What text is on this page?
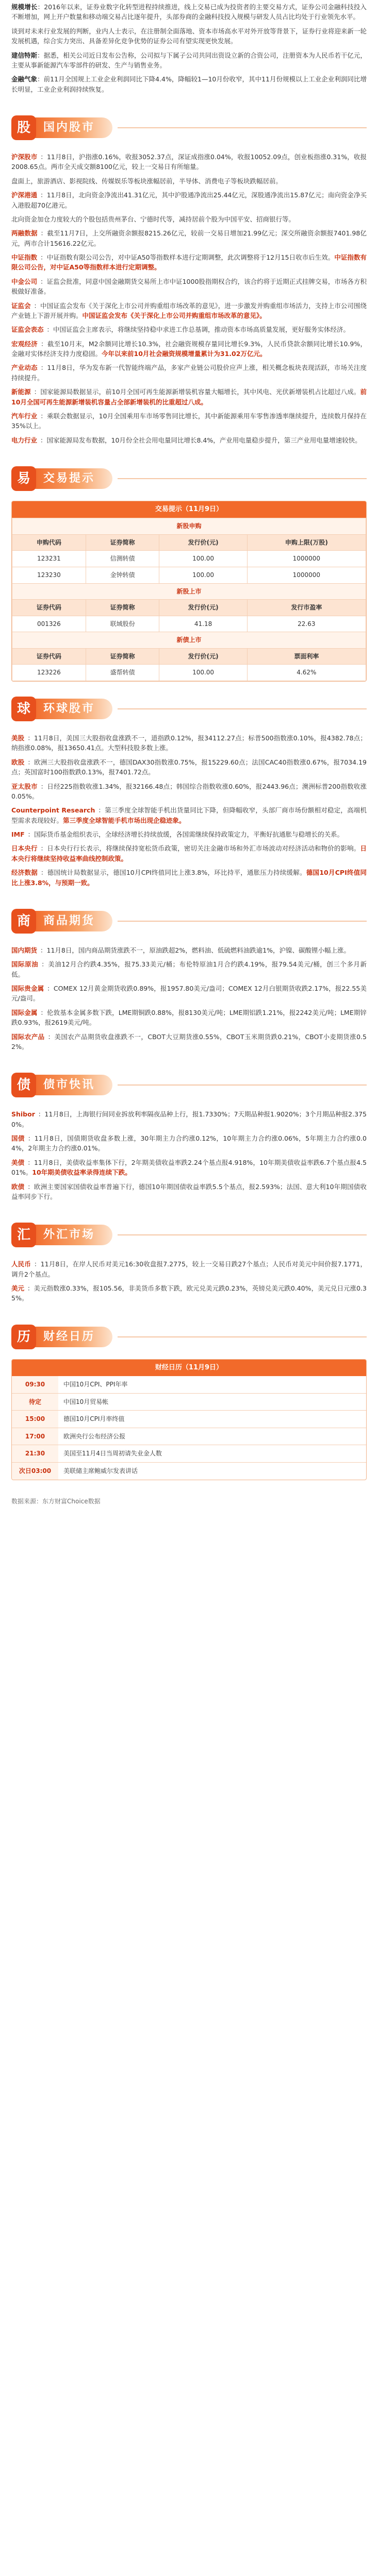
规模增长：2016年以来，证券业数字化转型进程持续推进，线上交易已成为投资者的主要交易方式，证券公司金融科技投入不断增加，网上开户数量和移动端交易占比逐年提升，头部券商的金融科技投入规模与研发人员占比均处于行业领先水平。

谈到对未来行业发展的判断，业内人士表示，在注册制全面落地、资本市场高水平对外开放等背景下，证券行业将迎来新一轮发展机遇，综合实力突出、具备差异化竞争优势的证券公司有望实现更快发展。

建信特斯：据悉，相关公司近日发布公告称，公司拟与下属子公司共同出资设立新的合资公司，注册资本为人民币若干亿元，主要从事新能源汽车零部件的研发、生产与销售业务。

金融气象：前11月全国规上工业企业利润同比下降4.4%，降幅较1—10月份收窄，其中11月份规模以上工业企业利润同比增长明显，工业企业利润持续恢复。

股	国内股市

沪深股市 ：11月8日，沪指涨0.16%，收报3052.37点，深证成指涨0.04%，收报10052.09点，创业板指涨0.31%，收报2008.65点。两市全天成交额8100亿元，较上一交易日有所缩量。

盘面上，旅游酒店、影视院线、传媒娱乐等板块涨幅居前，半导体、消费电子等板块跌幅居前。

沪深港通 ：11月8日，北向资金净流出41.31亿元，其中沪股通净流出25.44亿元，深股通净流出15.87亿元；南向资金净买入港股超70亿港元。

北向资金加仓力度较大的个股包括贵州茅台、宁德时代等，减持居前个股为中国平安、招商银行等。

两融数据 ：截至11月7日，上交所融资余额报8215.26亿元，较前一交易日增加21.99亿元；深交所融资余额报7401.98亿元，两市合计15616.22亿元。

中证指数 ：中证指数有限公司公告，对中证A50等指数样本进行定期调整，此次调整将于12月15日收市后生效。中证指数有限公司公告，对中证A50等指数样本进行定期调整。

中金公司 ：证监会批准，同意中国金融期货交易所上市中证1000股指期权合约，该合约将于近期正式挂牌交易，市场各方积极做好准备。

证监会 ：中国证监会发布《关于深化上市公司并购重组市场改革的意见》，进一步激发并购重组市场活力，支持上市公司围绕产业链上下游开展并购。中国证监会发布《关于深化上市公司并购重组市场改革的意见》。

证监会表态 ：中国证监会主席表示，将继续坚持稳中求进工作总基调，推动资本市场高质量发展，更好服务实体经济。

宏观经济 ：截至10月末，M2余额同比增长10.3%，社会融资规模存量同比增长9.3%，人民币贷款余额同比增长10.9%，金融对实体经济支持力度稳固。今年以来前10月社会融资规模增量累计为31.02万亿元。

产业动态 ：11月8日，华为发布新一代智能终端产品，多家产业链公司股价应声上涨，相关概念板块表现活跃，市场关注度持续提升。

新能源 ：国家能源局数据显示，前10月全国可再生能源新增装机容量大幅增长，其中风电、光伏新增装机占比超过八成。前10月全国可再生能源新增装机容量占全部新增装机的比重超过八成。

汽车行业 ：乘联会数据显示，10月全国乘用车市场零售同比增长，其中新能源乘用车零售渗透率继续提升，连续数月保持在35%以上。

电力行业 ：国家能源局发布数据，10月份全社会用电量同比增长8.4%，产业用电量稳步提升，第三产业用电量增速较快。

易	交易提示
交易提示（11月9日）
新股申购			
申购代码	证券简称	发行价(元)	申购上限(万股)
123231	信测转债	100.00	1000000
123230	金钟转债	100.00	1000000
新股上市			
证券代码	证券简称	发行价(元)	发行市盈率
001326	联域股份	41.18	22.63
新债上市			
证券代码	证券简称	发行价(元)	票面利率
123226	盛帮转债	100.00	4.62%
球	环球股市

美股 ：11月8日，美国三大股指收盘涨跌不一，道指跌0.12%，报34112.27点；标普500指数涨0.10%，报4382.78点；纳指涨0.08%，报13650.41点。大型科技股多数上涨。

欧股 ：欧洲三大股指收盘涨跌不一，德国DAX30指数涨0.75%，报15229.60点；法国CAC40指数涨0.67%，报7034.19点；英国富时100指数跌0.13%，报7401.72点。

亚太股市 ：日经225指数收涨1.34%，报32166.48点；韩国综合指数收涨0.60%，报2443.96点；澳洲标普200指数收涨0.05%。

Counterpoint Research ：第三季度全球智能手机出货量同比下降，但降幅收窄，头部厂商市场份额相对稳定，高端机型需求表现较好。第三季度全球智能手机市场出现企稳迹象。

IMF ：国际货币基金组织表示，全球经济增长持续放缓，各国需继续保持政策定力，平衡好抗通胀与稳增长的关系。

日本央行 ：日本央行行长表示，将继续保持宽松货币政策，密切关注金融市场和外汇市场波动对经济活动和物价的影响。日本央行将继续坚持收益率曲线控制政策。

经济数据 ：德国统计局数据显示，德国10月CPI终值同比上涨3.8%，环比持平，通胀压力持续缓解。德国10月CPI终值同比上涨3.8%，与预期一致。

商	商品期货

国内期货 ：11月8日，国内商品期货涨跌不一，原油跌超2%，燃料油、低硫燃料油跌逾1%，沪镍、碳酸锂小幅上涨。

国际原油 ：美油12月合约跌4.35%，报75.33美元/桶；布伦特原油1月合约跌4.19%，报79.54美元/桶，创三个多月新低。

国际贵金属 ：COMEX 12月黄金期货收跌0.89%，报1957.80美元/盎司；COMEX 12月白银期货收跌2.17%，报22.55美元/盎司。

国际金属 ：伦敦基本金属多数下跌，LME期铜跌0.88%，报8130美元/吨；LME期铝跌1.21%，报2242美元/吨；LME期锌跌0.93%，报2619美元/吨。

国际农产品 ：美国农产品期货收盘涨跌不一，CBOT大豆期货涨0.55%，CBOT玉米期货跌0.21%，CBOT小麦期货涨0.52%。

债	债市快讯

Shibor ：11月8日，上海银行间同业拆放利率隔夜品种上行，报1.7330%；7天期品种报1.9020%；3个月期品种报2.3750%。

国债 ：11月8日，国债期货收盘多数上涨，30年期主力合约涨0.12%，10年期主力合约涨0.06%，5年期主力合约涨0.04%，2年期主力合约涨0.01%。

美债 ：11月8日，美债收益率集体下行，2年期美债收益率跌2.24个基点报4.918%，10年期美债收益率跌6.7个基点报4.501%。10年期美债收益率录得连续下跌。

欧债 ：欧洲主要国家国债收益率普遍下行，德国10年期国债收益率跌5.5个基点，报2.593%；法国、意大利10年期国债收益率同步下行。

汇	外汇市场

人民币 ：11月8日，在岸人民币对美元16:30收盘报7.2775，较上一交易日跌27个基点；人民币对美元中间价报7.1771，调升2个基点。

美元 ：美元指数涨0.33%，报105.56，非美货币多数下跌，欧元兑美元跌0.23%，英镑兑美元跌0.40%，美元兑日元涨0.35%。

历	财经日历
财经日历（11月9日）
09:30	中国10月CPI、PPI年率
待定	中国10月贸易帐
15:00	德国10月CPI月率终值
17:00	欧洲央行公布经济公报
21:30	美国至11月4日当周初请失业金人数
次日03:00	美联储主席鲍威尔发表讲话
数据来源：东方财富Choice数据
